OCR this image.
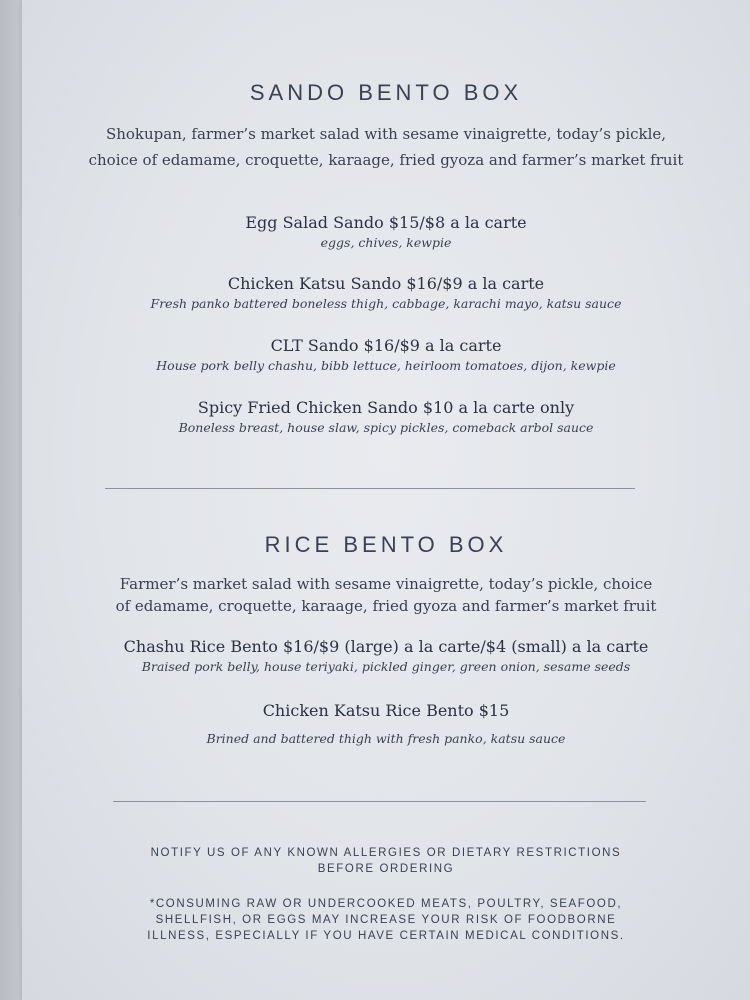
SANDO BENTO BOX

Shokupan, farmer’s market salad with sesame vinaigrette, today’s pickle,

choice of edamame, croquette, karaage, fried gyoza and farmer’s market fruit

Egg Salad Sando $15/$8 a la carte

eggs, chives, kewpie

Chicken Katsu Sando $16/$9 a la carte

Fresh panko battered boneless thigh, cabbage, karachi mayo, katsu sauce

CLT Sando $16/$9 a la carte

House pork belly chashu, bibb lettuce, heirloom tomatoes, dijon, kewpie

Spicy Fried Chicken Sando $10 a la carte only

Boneless breast, house slaw, spicy pickles, comeback arbol sauce

RICE BENTO BOX

Farmer’s market salad with sesame vinaigrette, today’s pickle, choice

of edamame, croquette, karaage, fried gyoza and farmer’s market fruit

Chashu Rice Bento $16/$9 (large) a la carte/$4 (small) a la carte

Braised pork belly, house teriyaki, pickled ginger, green onion, sesame seeds

Chicken Katsu Rice Bento $15

Brined and battered thigh with fresh panko, katsu sauce

NOTIFY US OF ANY KNOWN ALLERGIES OR DIETARY RESTRICTIONS

BEFORE ORDERING

*CONSUMING RAW OR UNDERCOOKED MEATS, POULTRY, SEAFOOD,

SHELLFISH, OR EGGS MAY INCREASE YOUR RISK OF FOODBORNE

ILLNESS, ESPECIALLY IF YOU HAVE CERTAIN MEDICAL CONDITIONS.
